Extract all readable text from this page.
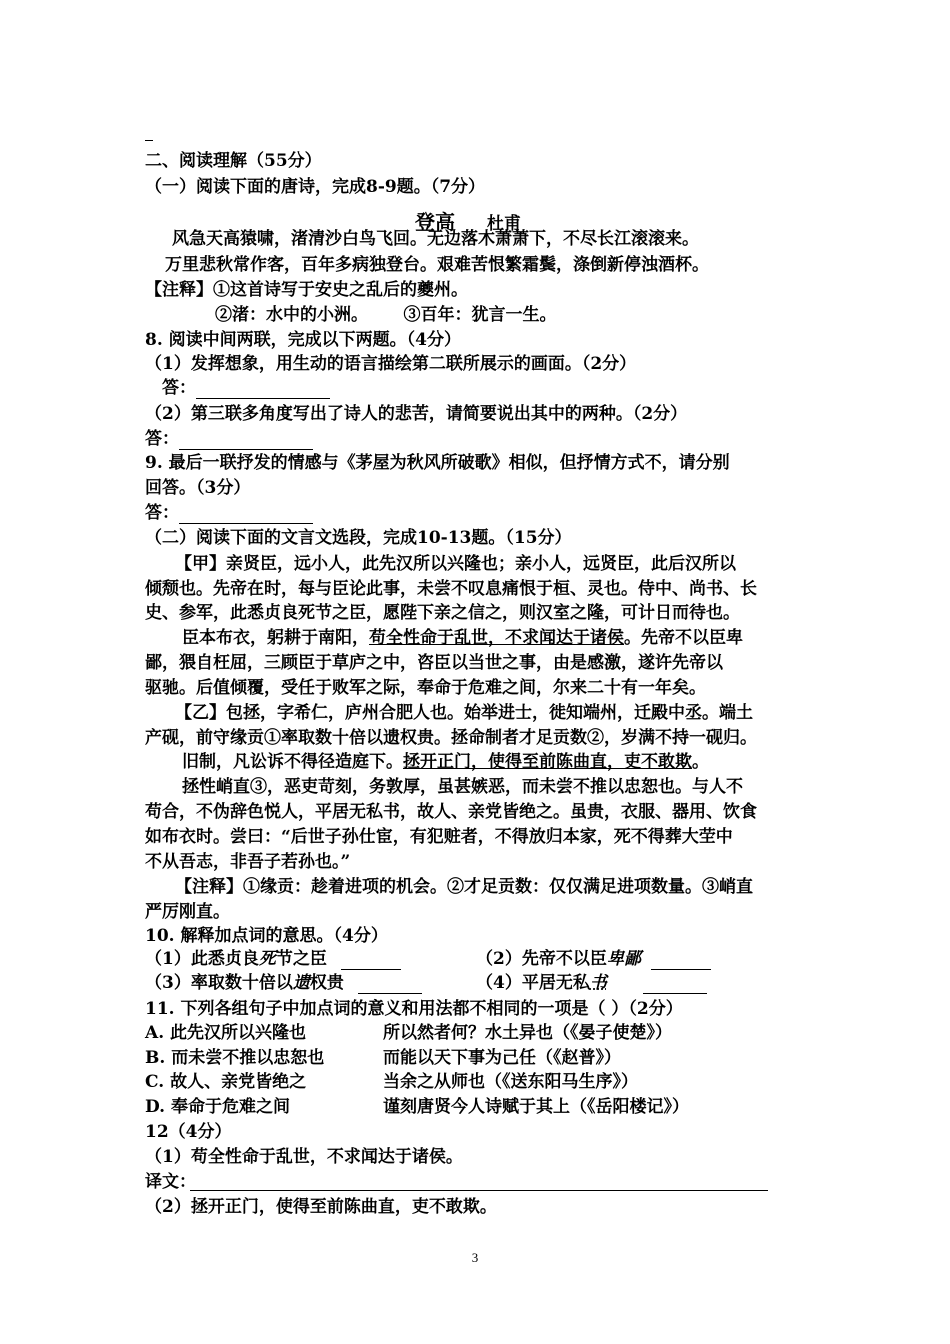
二、阅读理解（55分）
（一）阅读下面的唐诗，完成8-9题。（7分）
登高 杜甫
风急天高猿啸，渚清沙白鸟飞回。无边落木萧萧下，不尽长江滚滚来。
万里悲秋常作客，百年多病独登台。艰难苦恨繁霜鬓，涤倒新停浊酒杯。
【注释】①这首诗写于安史之乱后的夔州。
②渚：水中的小洲。      ③百年：犹言一生。
8. 阅读中间两联，完成以下两题。（4分）
（1）发挥想象，用生动的语言描绘第二联所展示的画面。（2分）
答：
（2）第三联多角度写出了诗人的悲苦，请简要说出其中的两种。（2分）
答：
9. 最后一联抒发的情感与《茅屋为秋风所破歌》相似，但抒情方式不，请分别
回答。（3分）
答：
（二）阅读下面的文言文选段，完成10-13题。（15分）
【甲】亲贤臣，远小人，此先汉所以兴隆也；亲小人，远贤臣，此后汉所以
倾颓也。先帝在时，每与臣论此事，未尝不叹息痛恨于桓、灵也。侍中、尚书、长
史、参军，此悉贞良死节之臣，愿陛下亲之信之，则汉室之隆，可计日而待也。
臣本布衣，躬耕于南阳，苟全性命于乱世，不求闻达于诸侯。先帝不以臣卑
鄙，猥自枉屈，三顾臣于草庐之中，咨臣以当世之事，由是感激，遂许先帝以
驱驰。后值倾覆，受任于败军之际，奉命于危难之间，尔来二十有一年矣。
【乙】包拯，字希仁，庐州合肥人也。始举进士，徙知端州，迁殿中丞。端土
产砚，前守缘贡①率取数十倍以遗权贵。拯命制者才足贡数②，岁满不持一砚归。
旧制，凡讼诉不得径造庭下。拯开正门，使得至前陈曲直，吏不敢欺。
拯性峭直③，恶吏苛刻，务敦厚，虽甚嫉恶，而未尝不推以忠恕也。与人不
苟合，不伪辞色悦人，平居无私书，故人、亲党皆绝之。虽贵，衣服、器用、饮食
如布衣时。尝曰：“后世子孙仕宦，有犯赃者，不得放归本家，死不得葬大茔中
不从吾志，非吾子若孙也。”
【注释】①缘贡：趁着进项的机会。②才足贡数：仅仅满足进项数量。③峭直
严厉刚直。
10. 解释加点词的意思。（4分）
（1）此悉贞良死节之臣	（2）先帝不以臣卑鄙
（3）率取数十倍以遗权贵	（4）平居无私书
11. 下列各组句子中加点词的意义和用法都不相同的一项是（ ）（2分）
A. 此先汉所以兴隆也	所以然者何？水土异也（《晏子使楚》）
B. 而未尝不推以忠恕也	而能以天下事为己任（《赵普》）
C. 故人、亲党皆绝之	当余之从师也（《送东阳马生序》）
D. 奉命于危难之间	谨刻唐贤今人诗赋于其上（《岳阳楼记》）
12（4分）
（1）苟全性命于乱世，不求闻达于诸侯。
译文：
（2）拯开正门，使得至前陈曲直，吏不敢欺。
3
